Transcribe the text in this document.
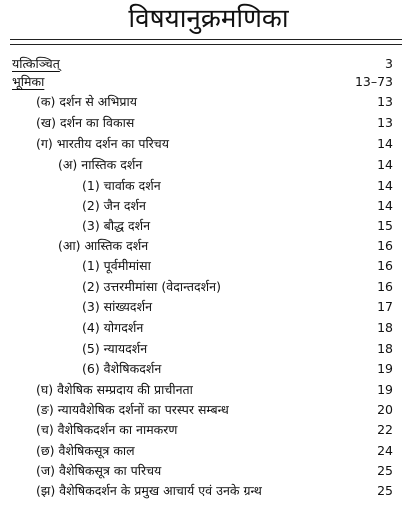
विषयानुक्रमणिका
यत्किञ्चित्	3
भूमिका	13–73
(क) दर्शन से अभिप्राय	13
(ख) दर्शन का विकास	13
(ग) भारतीय दर्शन का परिचय	14
(अ) नास्तिक दर्शन	14
(1) चार्वाक दर्शन	14
(2) जैन दर्शन	14
(3) बौद्ध दर्शन	15
(आ) आस्तिक दर्शन	16
(1) पूर्वमीमांसा	16
(2) उत्तरमीमांसा (वेदान्तदर्शन)	16
(3) सांख्यदर्शन	17
(4) योगदर्शन	18
(5) न्यायदर्शन	18
(6) वैशेषिकदर्शन	19
(घ) वैशेषिक सम्प्रदाय की प्राचीनता	19
(ङ) न्यायवैशेषिक दर्शनों का परस्पर सम्बन्ध	20
(च) वैशेषिकदर्शन का नामकरण	22
(छ) वैशेषिकसूत्र काल	24
(ज) वैशेषिकसूत्र का परिचय	25
(झ) वैशेषिकदर्शन के प्रमुख आचार्य एवं उनके ग्रन्थ	25
